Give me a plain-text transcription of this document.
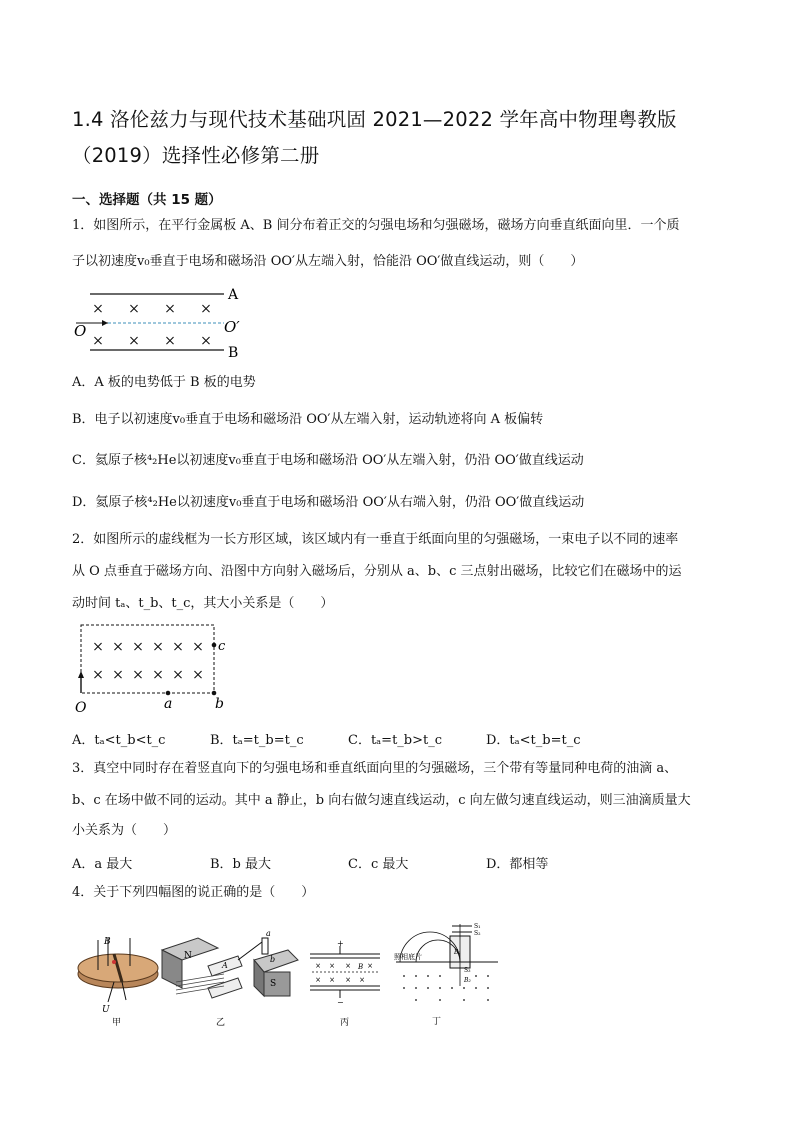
1.4 洛伦兹力与现代技术基础巩固 2021—2022 学年高中物理粤教版
（2019）选择性必修第二册
一、选择题（共 15 题）
1．如图所示，在平行金属板 A、B 间分布着正交的匀强电场和匀强磁场，磁场方向垂直纸面向里．一个质
子以初速度v₀垂直于电场和磁场沿 OO′从左端入射，恰能沿 OO′做直线运动，则（　　）
× × × ×
× × × ×
A
B
O	O′
A．A 板的电势低于 B 板的电势
B．电子以初速度v₀垂直于电场和磁场沿 OO′从左端入射，运动轨迹将向 A 板偏转
C．氦原子核⁴₂He以初速度v₀垂直于电场和磁场沿 OO′从左端入射，仍沿 OO′做直线运动
D．氦原子核⁴₂He以初速度v₀垂直于电场和磁场沿 OO′从右端入射，仍沿 OO′做直线运动
2．如图所示的虚线框为一长方形区域，该区域内有一垂直于纸面向里的匀强磁场，一束电子以不同的速率
从 O 点垂直于磁场方向、沿图中方向射入磁场后，分别从 a、b、c 三点射出磁场，比较它们在磁场中的运
动时间 tₐ、t_b、t_c，其大小关系是（　　）
× × × × × ×
× × × × × ×
O	a	b
c
A．tₐ<t_b<t_c	B．tₐ=t_b=t_c	C．tₐ=t_b>t_c	D．tₐ<t_b=t_c
3．真空中同时存在着竖直向下的匀强电场和垂直纸面向里的匀强磁场，三个带有等量同种电荷的油滴 a、
b、c 在场中做不同的运动。其中 a 静止，b 向右做匀速直线运动，c 向左做匀速直线运动，则三油滴质量大
小关系为（　　）
A．a 最大	B．b 最大	C．c 最大	D．都相等
4．关于下列四幅图的说正确的是（　　）
B
U
甲
N
S
A
a
b
乙
× × × ×
× × × ×
B
+
−
丙
照相底片
S₁
S₂
S₃
B₁
B₂
丁
